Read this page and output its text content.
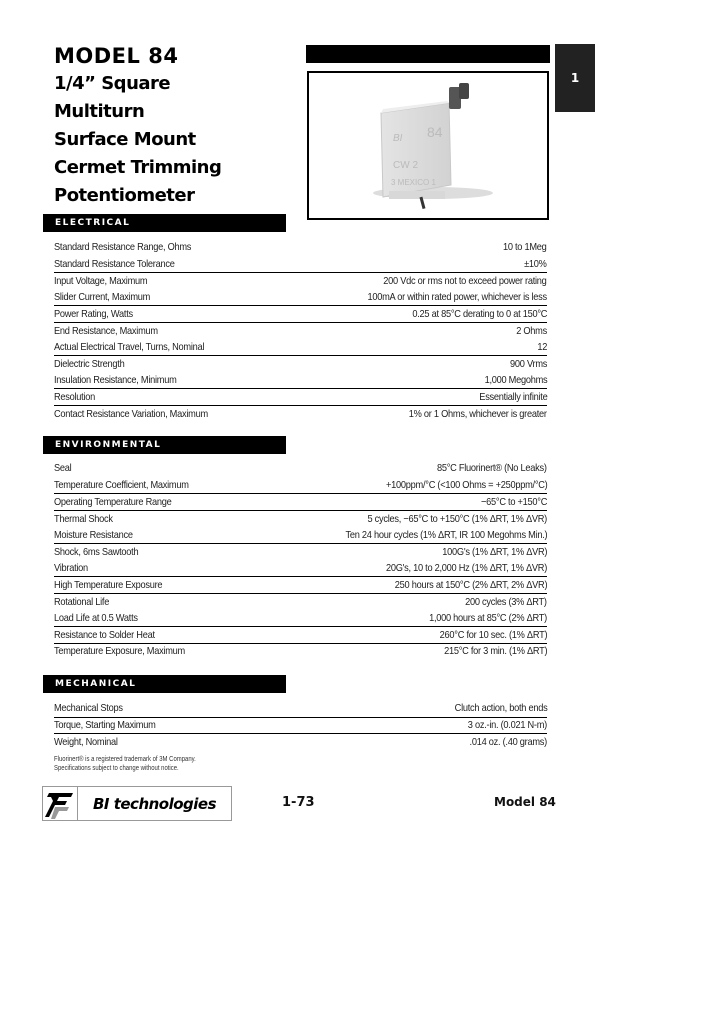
MODEL 84
1/4” Square
Multiturn
Surface Mount
Cermet Trimming
Potentiometer
BI 84
CW 2
3 MEXICO 1
1
ELECTRICAL
Standard Resistance Range, Ohms	10 to 1Meg
Standard Resistance Tolerance	±10%
Input Voltage, Maximum	200 Vdc or rms not to exceed power rating
Slider Current, Maximum	100mA or within rated power, whichever is less
Power Rating, Watts	0.25 at 85°C derating to 0 at 150°C
End Resistance, Maximum	2 Ohms
Actual Electrical Travel, Turns, Nominal	12
Dielectric Strength	900 Vrms
Insulation Resistance, Minimum	1,000 Megohms
Resolution	Essentially infinite
Contact Resistance Variation, Maximum	1% or 1 Ohms, whichever is greater
ENVIRONMENTAL
Seal	85°C Fluorinert® (No Leaks)
Temperature Coefficient, Maximum	+100ppm/°C (<100 Ohms = +250ppm/°C)
Operating Temperature Range	−65°C to +150°C
Thermal Shock	5 cycles, −65°C to +150°C (1% ΔRT, 1% ΔVR)
Moisture Resistance	Ten 24 hour cycles (1% ΔRT, IR 100 Megohms Min.)
Shock, 6ms Sawtooth	100G's (1% ΔRT, 1% ΔVR)
Vibration	20G's, 10 to 2,000 Hz (1% ΔRT, 1% ΔVR)
High Temperature Exposure	250 hours at 150°C (2% ΔRT, 2% ΔVR)
Rotational Life	200 cycles (3% ΔRT)
Load Life at 0.5 Watts	1,000 hours at 85°C (2% ΔRT)
Resistance to Solder Heat	260°C for 10 sec. (1% ΔRT)
Temperature Exposure, Maximum	215°C for 3 min. (1% ΔRT)
MECHANICAL
Mechanical Stops	Clutch action, both ends
Torque, Starting Maximum	3 oz.-in. (0.021 N-m)
Weight, Nominal	.014 oz. (.40 grams)
Fluorinert® is a registered trademark of 3M Company.
Specifications subject to change without notice.
BI technologies	1-73	Model 84
